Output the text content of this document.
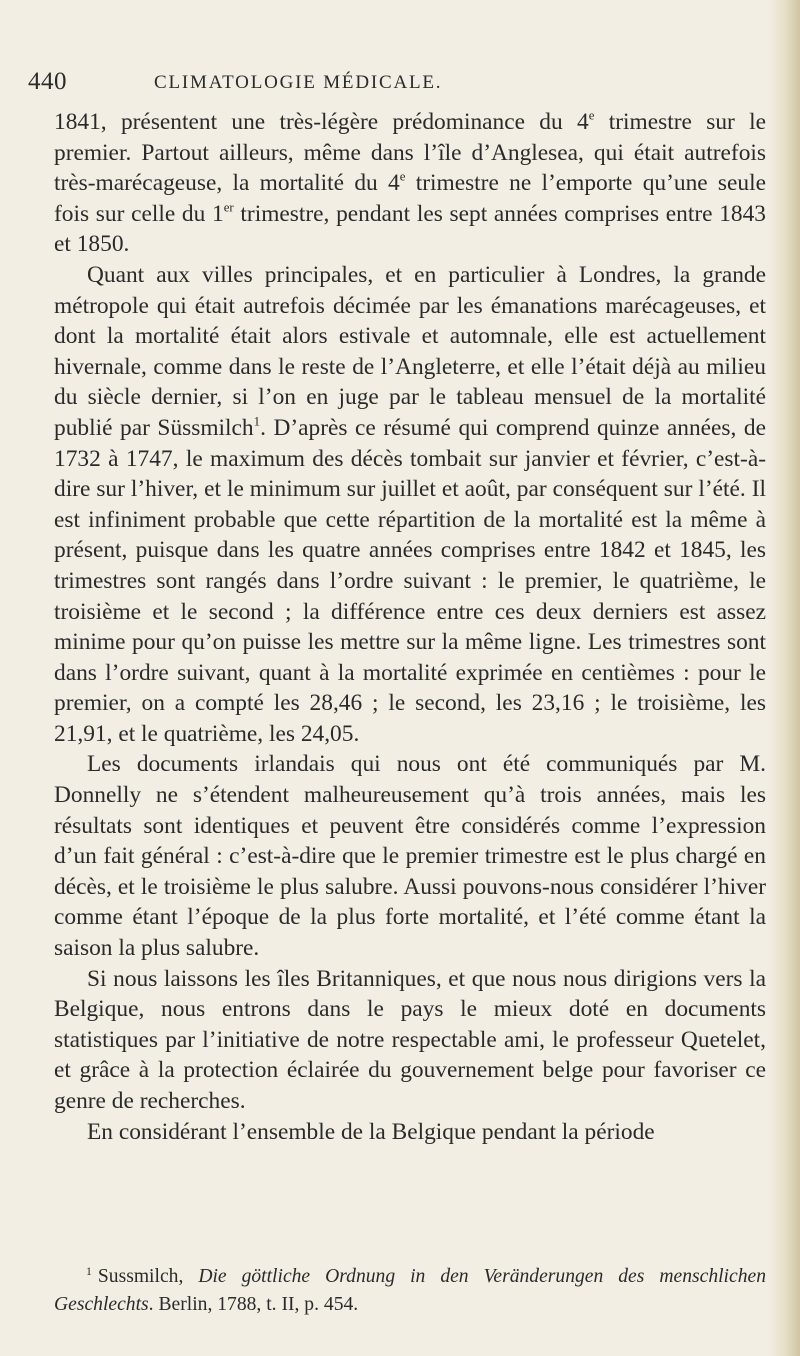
440	CLIMATOLOGIE MÉDICALE.

1841, présentent une très-légère prédominance du 4e trimestre sur le premier. Partout ailleurs, même dans l’île d’Anglesea, qui était autrefois très-marécageuse, la mortalité du 4e trimestre ne l’emporte qu’une seule fois sur celle du 1er trimestre, pendant les sept années comprises entre 1843 et 1850.

Quant aux villes principales, et en particulier à Londres, la grande métropole qui était autrefois décimée par les émanations marécageuses, et dont la mortalité était alors estivale et automnale, elle est actuellement hivernale, comme dans le reste de l’Angleterre, et elle l’était déjà au milieu du siècle dernier, si l’on en juge par le tableau mensuel de la mortalité publié par Süssmilch$^1$. D’après ce résumé qui comprend quinze années, de 1732 à 1747, le maximum des décès tombait sur janvier et février, c’est-à-dire sur l’hiver, et le minimum sur juillet et août, par conséquent sur l’été. Il est infiniment probable que cette répartition de la mortalité est la même à présent, puisque dans les quatre années comprises entre 1842 et 1845, les trimestres sont rangés dans l’ordre suivant : le premier, le quatrième, le troisième et le second ; la différence entre ces deux derniers est assez minime pour qu’on puisse les mettre sur la même ligne. Les trimestres sont dans l’ordre suivant, quant à la mortalité exprimée en centièmes : pour le premier, on a compté les 28,46 ; le second, les 23,16 ; le troisième, les 21,91, et le quatrième, les 24,05.

Les documents irlandais qui nous ont été communiqués par M. Donnelly ne s’étendent malheureusement qu’à trois années, mais les résultats sont identiques et peuvent être considérés comme l’expression d’un fait général : c’est-à-dire que le premier trimestre est le plus chargé en décès, et le troisième le plus salubre. Aussi pouvons-nous considérer l’hiver comme étant l’époque de la plus forte mortalité, et l’été comme étant la saison la plus salubre.

Si nous laissons les îles Britanniques, et que nous nous dirigions vers la Belgique, nous entrons dans le pays le mieux doté en documents statistiques par l’initiative de notre respectable ami, le professeur Quetelet, et grâce à la protection éclairée du gouvernement belge pour favoriser ce genre de recherches.

En considérant l’ensemble de la Belgique pendant la période

$^1$ Sussmilch, Die göttliche Ordnung in den Veränderungen des menschlichen Geschlechts. Berlin, 1788, t. II, p. 454.
